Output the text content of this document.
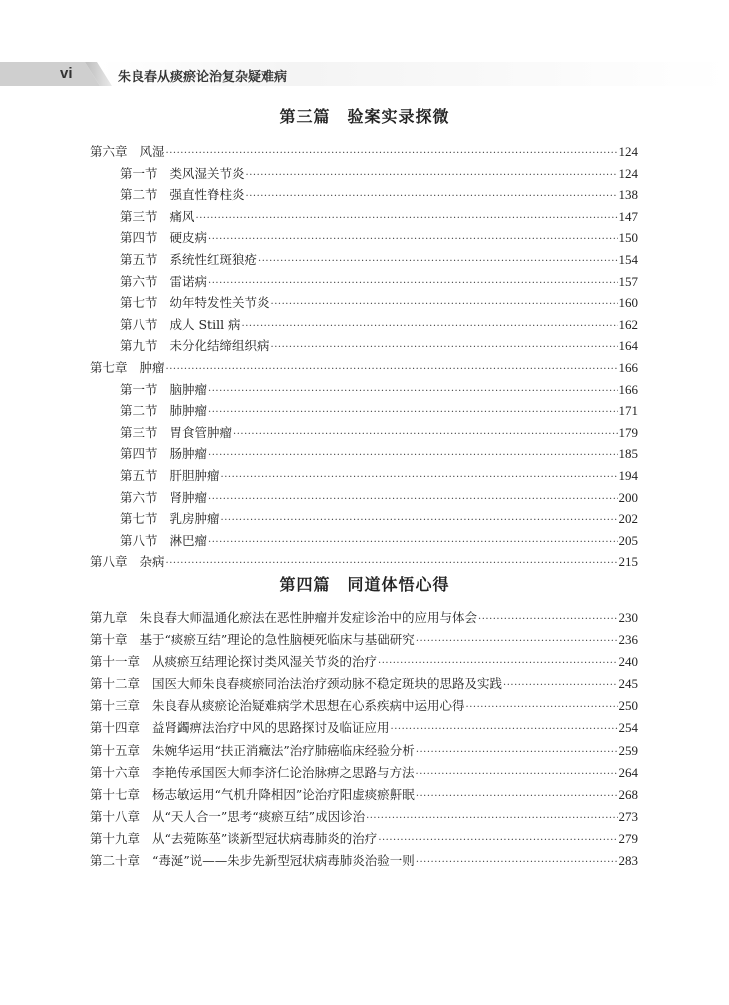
vi	朱良春从痰瘀论治复杂疑难病
第三篇　验案实录探微
第六章 风湿 ·····	124
第一节 类风湿关节炎 ·····	124
第二节 强直性脊柱炎 ·····	138
第三节 痛风 ·····	147
第四节 硬皮病 ·····	150
第五节 系统性红斑狼疮 ·····	154
第六节 雷诺病 ·····	157
第七节 幼年特发性关节炎 ·····	160
第八节 成人 Still 病 ·····	162
第九节 未分化结缔组织病 ·····	164
第七章 肿瘤 ·····	166
第一节 脑肿瘤 ·····	166
第二节 肺肿瘤 ·····	171
第三节 胃食管肿瘤 ·····	179
第四节 肠肿瘤 ·····	185
第五节 肝胆肿瘤 ·····	194
第六节 肾肿瘤 ·····	200
第七节 乳房肿瘤 ·····	202
第八节 淋巴瘤 ·····	205
第八章 杂病 ·····	215
第四篇　同道体悟心得
第九章 朱良春大师温通化瘀法在恶性肿瘤并发症诊治中的应用与体会 ·····	230
第十章 基于“痰瘀互结”理论的急性脑梗死临床与基础研究 ·····	236
第十一章 从痰瘀互结理论探讨类风湿关节炎的治疗 ·····	240
第十二章 国医大师朱良春痰瘀同治法治疗颈动脉不稳定斑块的思路及实践 ·····	245
第十三章 朱良春从痰瘀论治疑难病学术思想在心系疾病中运用心得 ·····	250
第十四章 益肾蠲痹法治疗中风的思路探讨及临证应用 ·····	254
第十五章 朱婉华运用“扶正消癥法”治疗肺癌临床经验分析 ·····	259
第十六章 李艳传承国医大师李济仁论治脉痹之思路与方法 ·····	264
第十七章 杨志敏运用“气机升降相因”论治疗阳虚痰瘀鼾眠 ·····	268
第十八章 从“天人合一”思考“痰瘀互结”成因诊治 ·····	273
第十九章 从“去菀陈莝”谈新型冠状病毒肺炎的治疗 ·····	279
第二十章 “毒涎”说——朱步先新型冠状病毒肺炎治验一则 ·····	283
